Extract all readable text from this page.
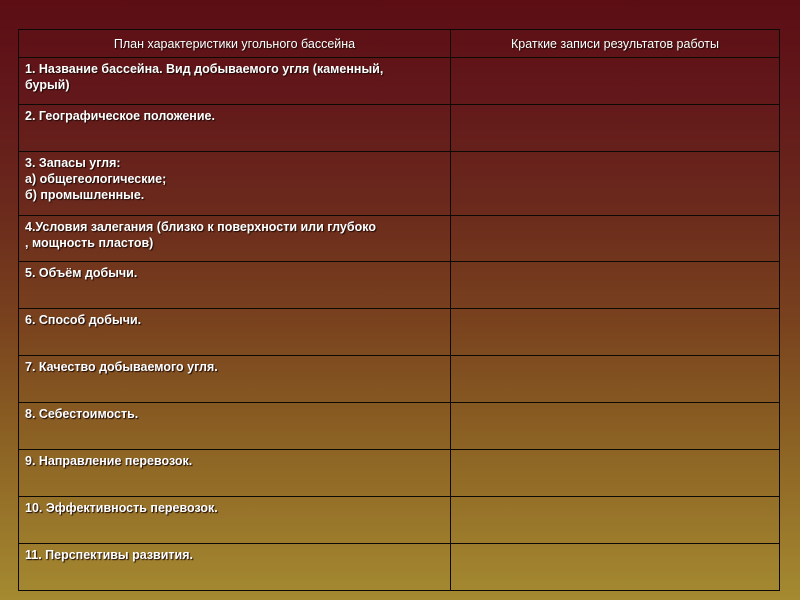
План характеристики угольного бассейна	Краткие записи результатов работы

1. Название бассейна. Вид добываемого угля (каменный,
бурый)	

2. Географическое положение.	

3. Запасы угля:
а) общегеологические;
б) промышленные.	

4.Условия залегания (близко к поверхности или глубоко
, мощность пластов)	

5. Объём добычи.	

6. Способ добычи.	

7. Качество добываемого угля.	

8. Себестоимость.	

9. Направление перевозок.	

10. Эффективность перевозок.	

11. Перспективы развития.	
